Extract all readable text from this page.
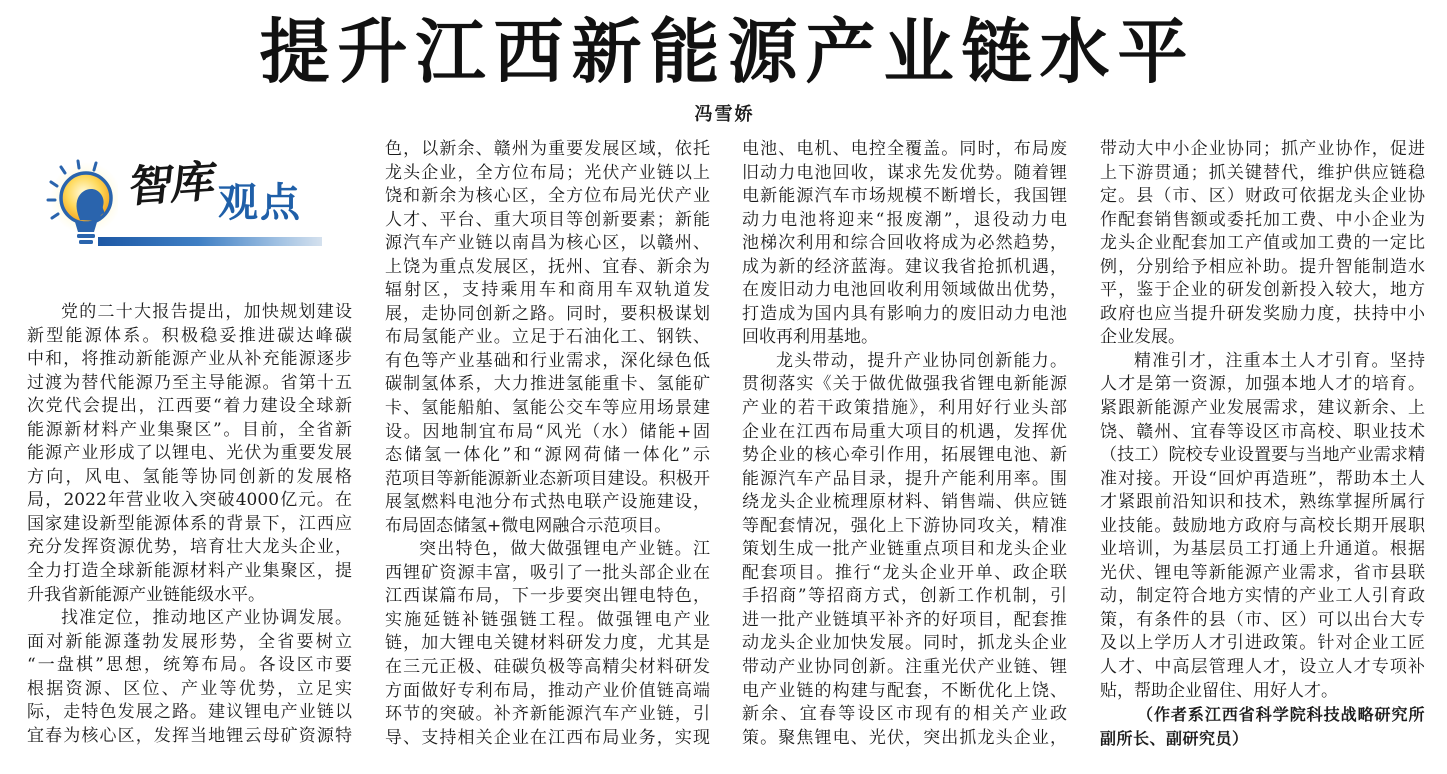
提升江西新能源产业链水平
冯雪娇
智库 观点
党的二十大报告提出，加快规划建设
新型能源体系。积极稳妥推进碳达峰碳
中和，将推动新能源产业从补充能源逐步
过渡为替代能源乃至主导能源。省第十五
次党代会提出，江西要“着力建设全球新
能源新材料产业集聚区”。目前，全省新
能源产业形成了以锂电、光伏为重要发展
方向，风电、氢能等协同创新的发展格
局，2022年营业收入突破4000亿元。在
国家建设新型能源体系的背景下，江西应
充分发挥资源优势，培育壮大龙头企业，
全力打造全球新能源材料产业集聚区，提
升我省新能源产业链能级水平。
找准定位，推动地区产业协调发展。
面对新能源蓬勃发展形势，全省要树立
“一盘棋”思想，统筹布局。各设区市要
根据资源、区位、产业等优势，立足实
际，走特色发展之路。建议锂电产业链以
宜春为核心区，发挥当地锂云母矿资源特
色，以新余、赣州为重要发展区域，依托
龙头企业，全方位布局；光伏产业链以上
饶和新余为核心区，全方位布局光伏产业
人才、平台、重大项目等创新要素；新能
源汽车产业链以南昌为核心区，以赣州、
上饶为重点发展区，抚州、宜春、新余为
辐射区，支持乘用车和商用车双轨道发
展，走协同创新之路。同时，要积极谋划
布局氢能产业。立足于石油化工、钢铁、
有色等产业基础和行业需求，深化绿色低
碳制氢体系，大力推进氢能重卡、氢能矿
卡、氢能船舶、氢能公交车等应用场景建
设。因地制宜布局“风光（水）储能+固
态储氢一体化”和“源网荷储一体化”示
范项目等新能源新业态新项目建设。积极开
展氢燃料电池分布式热电联产设施建设，
布局固态储氢+微电网融合示范项目。
突出特色，做大做强锂电产业链。江
西锂矿资源丰富，吸引了一批头部企业在
江西谋篇布局，下一步要突出锂电特色，
实施延链补链强链工程。做强锂电产业
链，加大锂电关键材料研发力度，尤其是
在三元正极、硅碳负极等高精尖材料研发
方面做好专利布局，推动产业价值链高端
环节的突破。补齐新能源汽车产业链，引
导、支持相关企业在江西布局业务，实现
电池、电机、电控全覆盖。同时，布局废
旧动力电池回收，谋求先发优势。随着锂
电新能源汽车市场规模不断增长，我国锂
动力电池将迎来“报废潮”，退役动力电
池梯次利用和综合回收将成为必然趋势，
成为新的经济蓝海。建议我省抢抓机遇，
在废旧动力电池回收利用领域做出优势，
打造成为国内具有影响力的废旧动力电池
回收再利用基地。
龙头带动，提升产业协同创新能力。
贯彻落实《关于做优做强我省锂电新能源
产业的若干政策措施》，利用好行业头部
企业在江西布局重大项目的机遇，发挥优
势企业的核心牵引作用，拓展锂电池、新
能源汽车产品目录，提升产能利用率。围
绕龙头企业梳理原材料、销售端、供应链
等配套情况，强化上下游协同攻关，精准
策划生成一批产业链重点项目和龙头企业
配套项目。推行“龙头企业开单、政企联
手招商”等招商方式，创新工作机制，引
进一批产业链填平补齐的好项目，配套推
动龙头企业加快发展。同时，抓龙头企业
带动产业协同创新。注重光伏产业链、锂
电产业链的构建与配套，不断优化上饶、
新余、宜春等设区市现有的相关产业政
策。聚焦锂电、光伏，突出抓龙头企业，
带动大中小企业协同；抓产业协作，促进
上下游贯通；抓关键替代，维护供应链稳
定。县（市、区）财政可依据龙头企业协
作配套销售额或委托加工费、中小企业为
龙头企业配套加工产值或加工费的一定比
例，分别给予相应补助。提升智能制造水
平，鉴于企业的研发创新投入较大，地方
政府也应当提升研发奖励力度，扶持中小
企业发展。
精准引才，注重本土人才引育。坚持
人才是第一资源，加强本地人才的培育。
紧跟新能源产业发展需求，建议新余、上
饶、赣州、宜春等设区市高校、职业技术
（技工）院校专业设置要与当地产业需求精
准对接。开设“回炉再造班”，帮助本土人
才紧跟前沿知识和技术，熟练掌握所属行
业技能。鼓励地方政府与高校长期开展职
业培训，为基层员工打通上升通道。根据
光伏、锂电等新能源产业需求，省市县联
动，制定符合地方实情的产业工人引育政
策，有条件的县（市、区）可以出台大专
及以上学历人才引进政策。针对企业工匠
人才、中高层管理人才，设立人才专项补
贴，帮助企业留住、用好人才。
（作者系江西省科学院科技战略研究所
副所长、副研究员）
